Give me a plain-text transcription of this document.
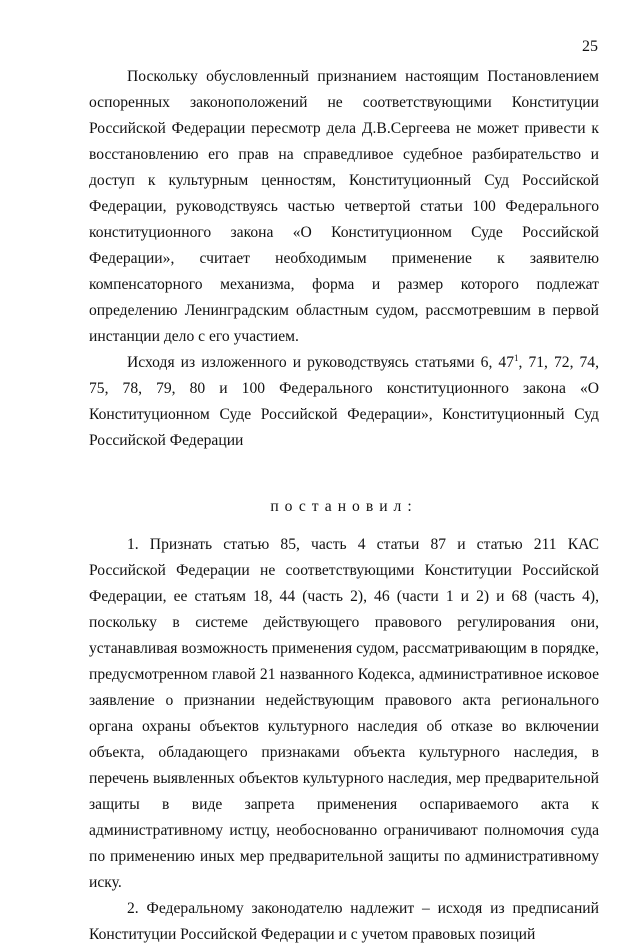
25

Поскольку обусловленный признанием настоящим Постановлением оспоренных законоположений не соответствующими Конституции Российской Федерации пересмотр дела Д.В.Сергеева не может привести к восстановлению его прав на справедливое судебное разбирательство и доступ к культурным ценностям, Конституционный Суд Российской Федерации, руководствуясь частью четвертой статьи 100 Федерального конституционного закона «О Конституционном Суде Российской Федерации», считает необходимым применение к заявителю компенсаторного механизма, форма и размер которого подлежат определению Ленинградским областным судом, рассмотревшим в первой инстанции дело с его участием.

Исходя из изложенного и руководствуясь статьями 6, $47^1$, 71, 72, 74, 75, 78, 79, 80 и 100 Федерального конституционного закона «О Конституционном Суде Российской Федерации», Конституционный Суд Российской Федерации

постановил:

1. Признать статью 85, часть 4 статьи 87 и статью 211 КАС Российской Федерации не соответствующими Конституции Российской Федерации, ее статьям 18, 44 (часть 2), 46 (части 1 и 2) и 68 (часть 4), поскольку в системе действующего правового регулирования они, устанавливая возможность применения судом, рассматривающим в порядке, предусмотренном главой 21 названного Кодекса, административное исковое заявление о признании недействующим правового акта регионального органа охраны объектов культурного наследия об отказе во включении объекта, обладающего признаками объекта культурного наследия, в перечень выявленных объектов культурного наследия, мер предварительной защиты в виде запрета применения оспариваемого акта к административному истцу, необоснованно ограничивают полномочия суда по применению иных мер предварительной защиты по административному иску.

2. Федеральному законодателю надлежит – исходя из предписаний Конституции Российской Федерации и с учетом правовых позиций
